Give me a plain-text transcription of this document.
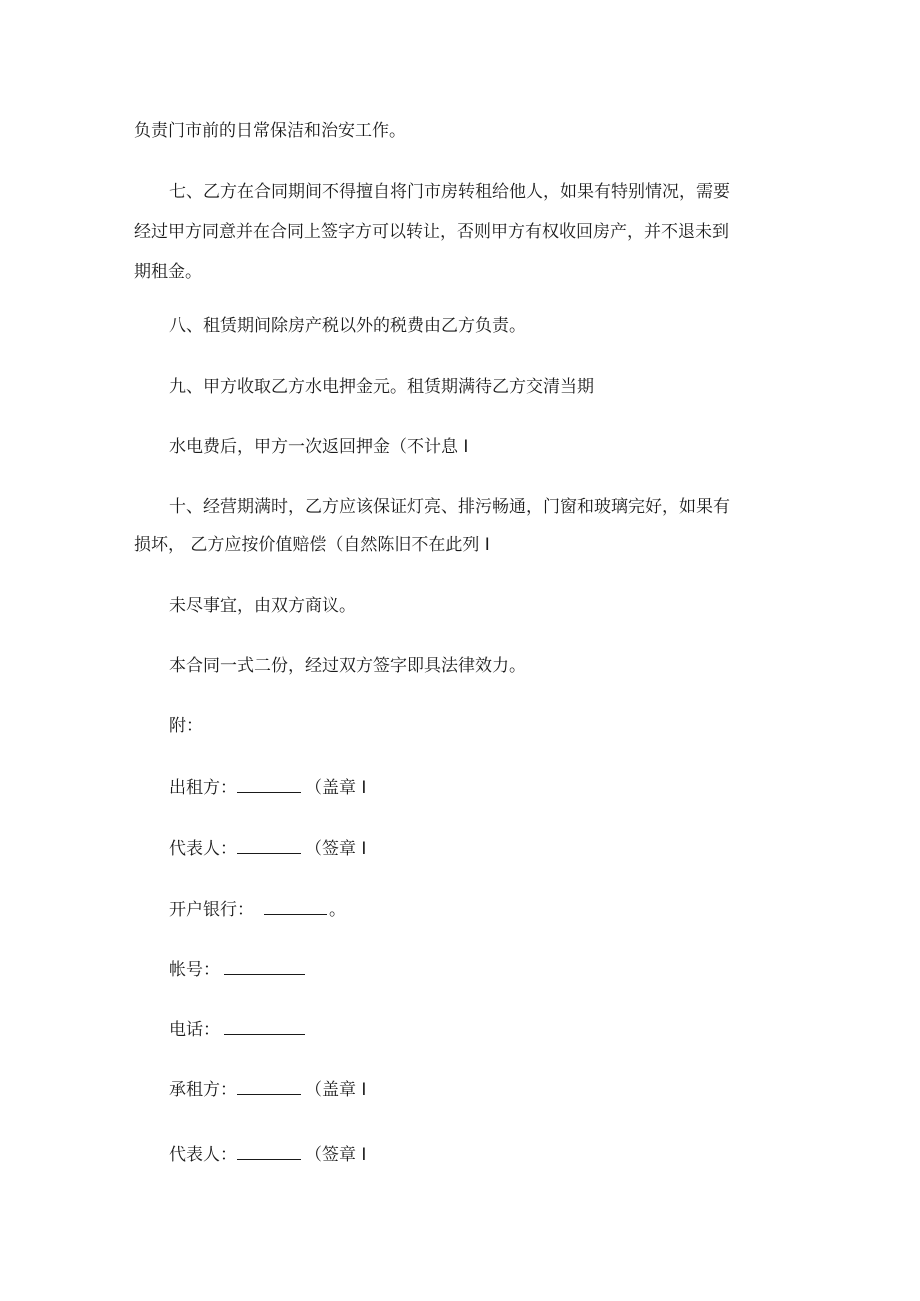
负责门市前的日常保洁和治安工作。

七、乙方在合同期间不得擅自将门市房转租给他人，如果有特别情况，需要
经过甲方同意并在合同上签字方可以转让，否则甲方有权收回房产，并不退未到
期租金。

八、租赁期间除房产税以外的税费由乙方负责。

九、甲方收取乙方水电押金元。租赁期满待乙方交清当期

水电费后，甲方一次返回押金（不计息 I

十、经营期满时，乙方应该保证灯亮、排污畅通，门窗和玻璃完好，如果有
损坏， 乙方应按价值赔偿（自然陈旧不在此列 I

未尽事宜，由双方商议。

本合同一式二份，经过双方签字即具法律效力。

附：

出租方：	（盖章 I

代表人：	（签章 I

开户银行：	。

帐号：

电话：

承租方：	（盖章 I

代表人：	（签章 I
